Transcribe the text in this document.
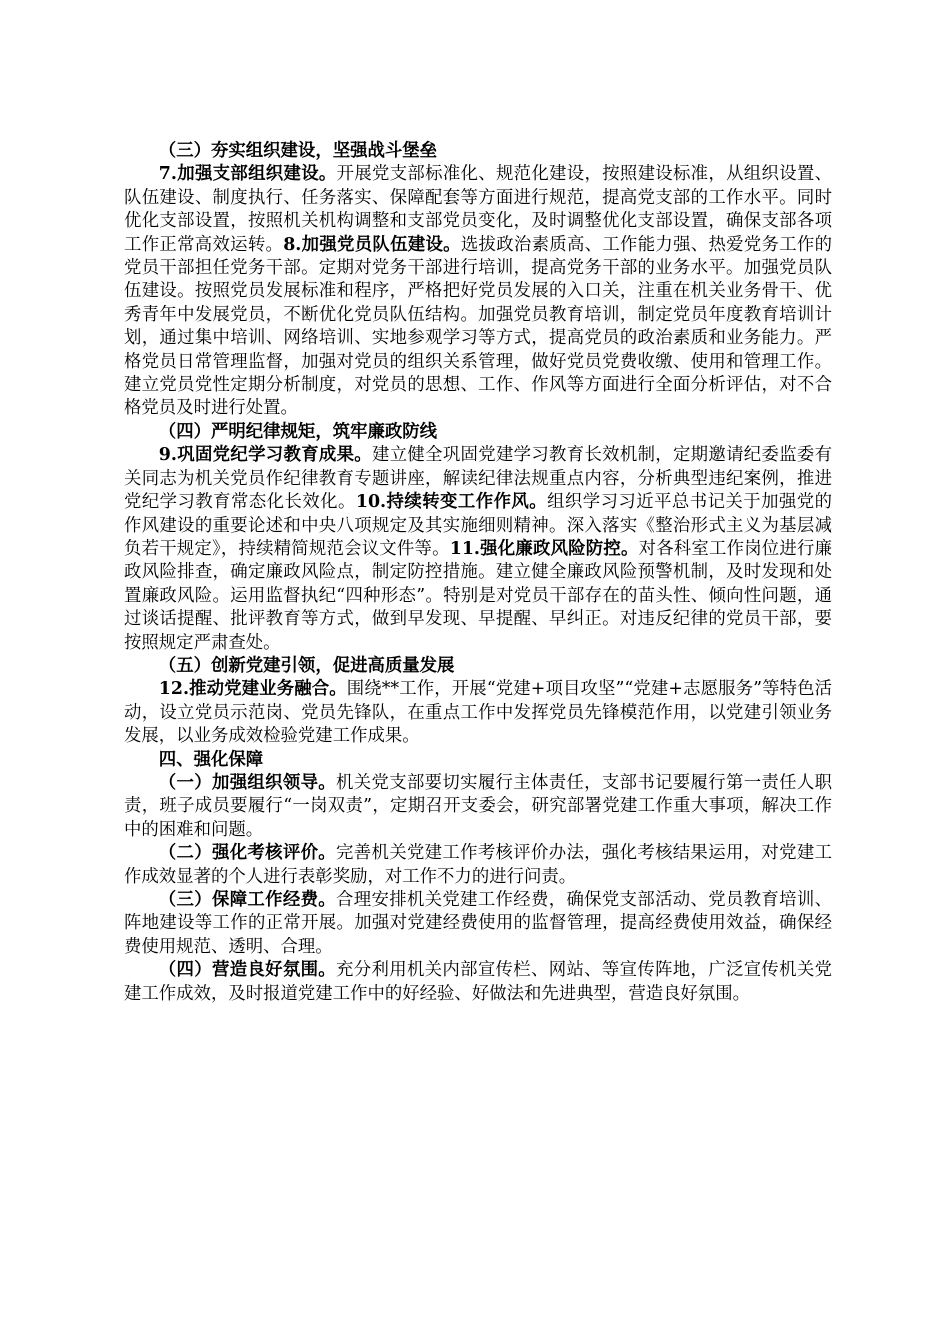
（三）夯实组织建设，坚强战斗堡垒

7.加强支部组织建设。开展党支部标准化、规范化建设，按照建设标准，从组织设置、队伍建设、制度执行、任务落实、保障配套等方面进行规范，提高党支部的工作水平。同时优化支部设置，按照机关机构调整和支部党员变化，及时调整优化支部设置，确保支部各项工作正常高效运转。8.加强党员队伍建设。选拔政治素质高、工作能力强、热爱党务工作的党员干部担任党务干部。定期对党务干部进行培训，提高党务干部的业务水平。加强党员队伍建设。按照党员发展标准和程序，严格把好党员发展的入口关，注重在机关业务骨干、优秀青年中发展党员，不断优化党员队伍结构。加强党员教育培训，制定党员年度教育培训计划，通过集中培训、网络培训、实地参观学习等方式，提高党员的政治素质和业务能力。严格党员日常管理监督，加强对党员的组织关系管理，做好党员党费收缴、使用和管理工作。建立党员党性定期分析制度，对党员的思想、工作、作风等方面进行全面分析评估，对不合格党员及时进行处置。

（四）严明纪律规矩，筑牢廉政防线

9.巩固党纪学习教育成果。建立健全巩固党建学习教育长效机制，定期邀请纪委监委有关同志为机关党员作纪律教育专题讲座，解读纪律法规重点内容，分析典型违纪案例，推进党纪学习教育常态化长效化。10.持续转变工作作风。组织学习习近平总书记关于加强党的作风建设的重要论述和中央八项规定及其实施细则精神。深入落实《整治形式主义为基层减负若干规定》，持续精简规范会议文件等。11.强化廉政风险防控。对各科室工作岗位进行廉政风险排查，确定廉政风险点，制定防控措施。建立健全廉政风险预警机制，及时发现和处置廉政风险。运用监督执纪“四种形态”。特别是对党员干部存在的苗头性、倾向性问题，通过谈话提醒、批评教育等方式，做到早发现、早提醒、早纠正。对违反纪律的党员干部，要按照规定严肃查处。

（五）创新党建引领，促进高质量发展

12.推动党建业务融合。围绕**工作，开展“党建+项目攻坚”“党建+志愿服务”等特色活动，设立党员示范岗、党员先锋队，在重点工作中发挥党员先锋模范作用，以党建引领业务发展，以业务成效检验党建工作成果。

四、强化保障

（一）加强组织领导。机关党支部要切实履行主体责任，支部书记要履行第一责任人职责，班子成员要履行“一岗双责”，定期召开支委会，研究部署党建工作重大事项，解决工作中的困难和问题。

（二）强化考核评价。完善机关党建工作考核评价办法，强化考核结果运用，对党建工作成效显著的个人进行表彰奖励，对工作不力的进行问责。

（三）保障工作经费。合理安排机关党建工作经费，确保党支部活动、党员教育培训、阵地建设等工作的正常开展。加强对党建经费使用的监督管理，提高经费使用效益，确保经费使用规范、透明、合理。

（四）营造良好氛围。充分利用机关内部宣传栏、网站、等宣传阵地，广泛宣传机关党建工作成效，及时报道党建工作中的好经验、好做法和先进典型，营造良好氛围。
